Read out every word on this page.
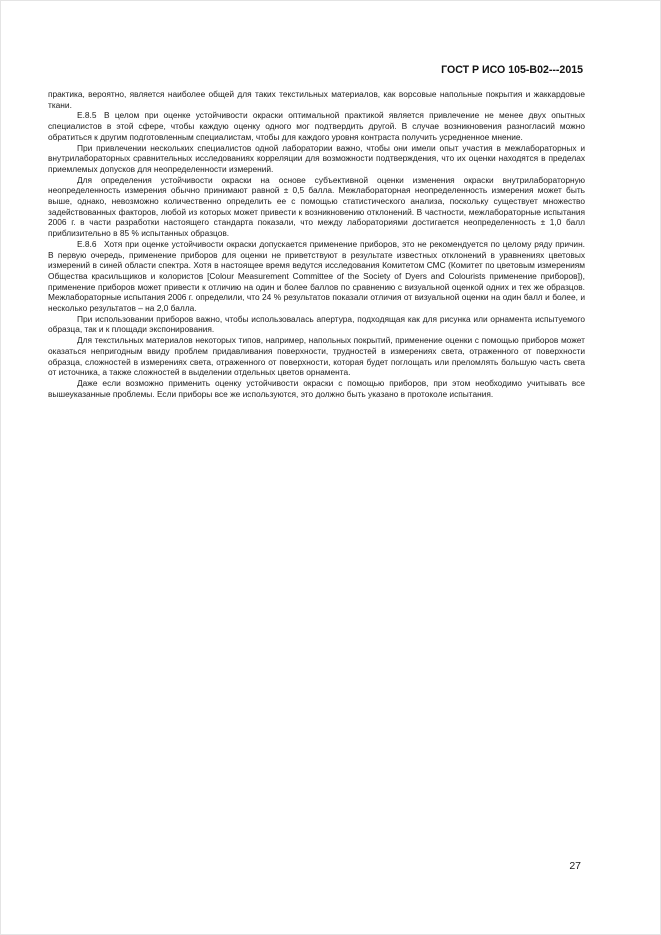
ГОСТ Р ИСО 105-В02---2015

практика, вероятно, является наиболее общей для таких текстильных материалов, как ворсовые напольные покрытия и жаккардовые ткани.

Е.8.5 В целом при оценке устойчивости окраски оптимальной практикой является привлечение не менее двух опытных специалистов в этой сфере, чтобы каждую оценку одного мог подтвердить другой. В случае возникновения разногласий можно обратиться к другим подготовленным специалистам, чтобы для каждого уровня контраста получить усредненное мнение.

При привлечении нескольких специалистов одной лаборатории важно, чтобы они имели опыт участия в межлабораторных и внутрилабораторных сравнительных исследованиях корреляции для возможности подтверждения, что их оценки находятся в пределах приемлемых допусков для неопределенности измерений.

Для определения устойчивости окраски на основе субъективной оценки изменения окраски внутрилабораторную неопределенность измерения обычно принимают равной ± 0,5 балла. Межлабораторная неопределенность измерения может быть выше, однако, невозможно количественно определить ее с помощью статистического анализа, поскольку существует множество задействованных факторов, любой из которых может привести к возникновению отклонений. В частности, межлабораторные испытания 2006 г. в части разработки настоящего стандарта показали, что между лабораториями достигается неопределенность ± 1,0 балл приблизительно в 85 % испытанных образцов.

Е.8.6 Хотя при оценке устойчивости окраски допускается применение приборов, это не рекомендуется по целому ряду причин. В первую очередь, применение приборов для оценки не приветствуют в результате известных отклонений в уравнениях цветовых измерений в синей области спектра. Хотя в настоящее время ведутся исследования Комитетом СМС (Комитет по цветовым измерениям Общества красильщиков и колористов [Colour Measurement Committee of the Society of Dyers and Colourists применение приборов]), применение приборов может привести к отличию на один и более баллов по сравнению с визуальной оценкой одних и тех же образцов. Межлабораторные испытания 2006 г. определили, что 24 % результатов показали отличия от визуальной оценки на один балл и более, и несколько результатов – на 2,0 балла.

При использовании приборов важно, чтобы использовалась апертура, подходящая как для рисунка или орнамента испытуемого образца, так и к площади экспонирования.

Для текстильных материалов некоторых типов, например, напольных покрытий, применение оценки с помощью приборов может оказаться непригодным ввиду проблем придавливания поверхности, трудностей в измерениях света, отраженного от поверхности образца, сложностей в измерениях света, отраженного от поверхности, которая будет поглощать или преломлять большую часть света от источника, а также сложностей в выделении отдельных цветов орнамента.

Даже если возможно применить оценку устойчивости окраски с помощью приборов, при этом необходимо учитывать все вышеуказанные проблемы. Если приборы все же используются, это должно быть указано в протоколе испытания.

27
